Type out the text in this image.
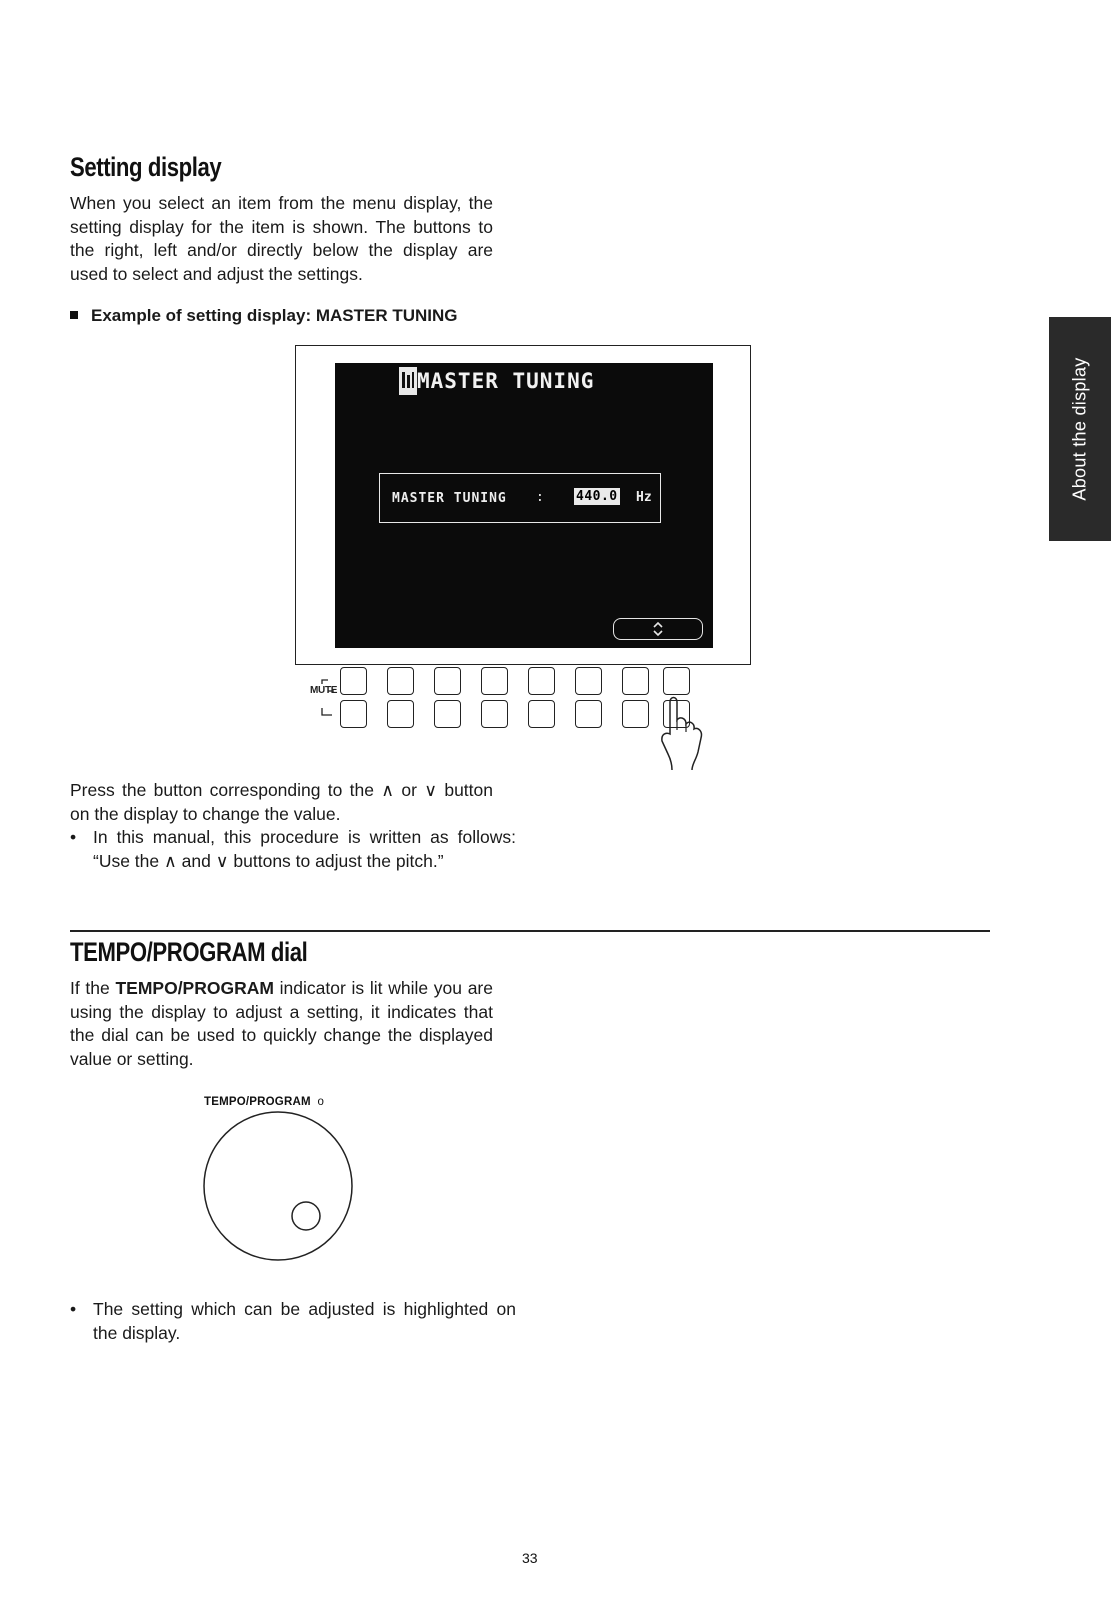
Setting display
When you select an item from the menu display, the setting display for the item is shown. The buttons to the right, left and/or directly below the display are used to select and adjust the settings.
Example of setting display: MASTER TUNING
MASTER TUNING
MASTER TUNING : 440.0 Hz
MUTE
Press the button corresponding to the ∧ or ∨ button on the display to change the value.
• In this manual, this procedure is written as follows: “Use the ∧ and ∨ buttons to adjust the pitch.”
TEMPO/PROGRAM dial
If the TEMPO/PROGRAM indicator is lit while you are using the display to adjust a setting, it indicates that the dial can be used to quickly change the displayed value or setting.
TEMPO/PROGRAM o
• The setting which can be adjusted is highlighted on the display.
About the display
33
